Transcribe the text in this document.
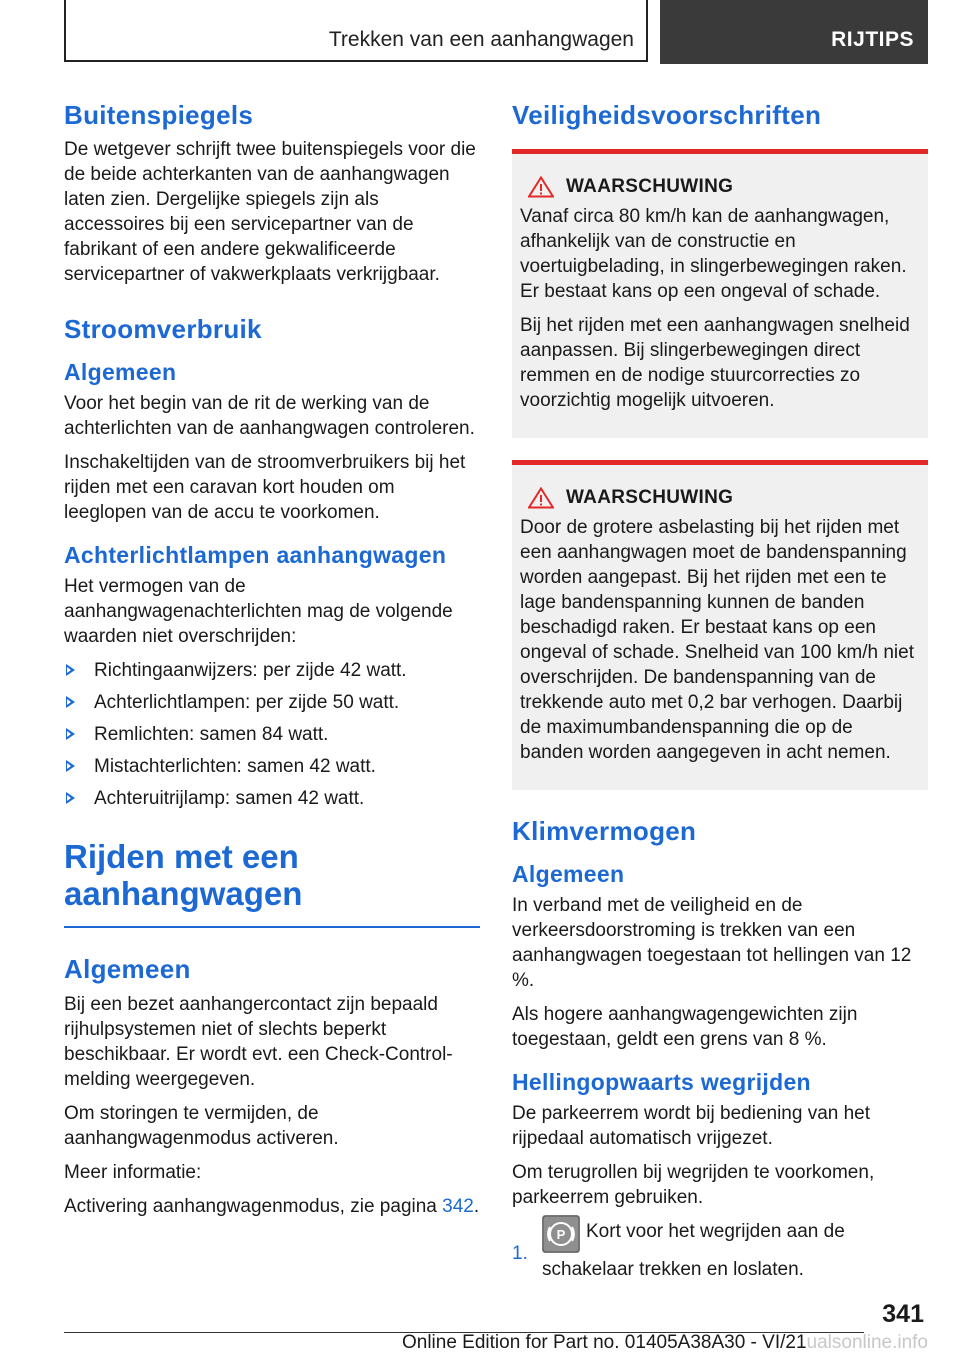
Trekken van een aanhangwagen	RIJTIPS
Buitenspiegels

De wetgever schrijft twee buitenspiegels voor die de beide achterkanten van de aanhangwagen laten zien. Dergelijke spiegels zijn als accessoires bij een servicepartner van de fabrikant of een andere gekwalificeerde servicepartner of vakwerkplaats verkrijgbaar.

Stroomverbruik
Algemeen

Voor het begin van de rit de werking van de achterlichten van de aanhangwagen controleren.

Inschakeltijden van de stroomverbruikers bij het rijden met een caravan kort houden om leeglopen van de accu te voorkomen.

Achterlichtlampen aanhangwagen

Het vermogen van de aanhangwagenachterlichten mag de volgende waarden niet overschrijden:

Richtingaanwijzers: per zijde 42 watt.
Achterlichtlampen: per zijde 50 watt.
Remlichten: samen 84 watt.
Mistachterlichten: samen 42 watt.
Achteruitrijlamp: samen 42 watt.
Rijden met een
aanhangwagen
Algemeen

Bij een bezet aanhangercontact zijn bepaald rijhulpsystemen niet of slechts beperkt beschikbaar. Er wordt evt. een Check-Control-melding weergegeven.

Om storingen te vermijden, de aanhangwagenmodus activeren.

Meer informatie:

Activering aanhangwagenmodus, zie pagina 342.

Veiligheidsvoorschriften
WAARSCHUWING

Vanaf circa 80 km/h kan de aanhangwagen, afhankelijk van de constructie en voertuigbelading, in slingerbewegingen raken. Er bestaat kans op een ongeval of schade.

Bij het rijden met een aanhangwagen snelheid aanpassen. Bij slingerbewegingen direct remmen en de nodige stuurcorrecties zo voorzichtig mogelijk uitvoeren.

WAARSCHUWING

Door de grotere asbelasting bij het rijden met een aanhangwagen moet de bandenspanning worden aangepast. Bij het rijden met een te lage bandenspanning kunnen de banden beschadigd raken. Er bestaat kans op een ongeval of schade. Snelheid van 100 km/h niet overschrijden. De bandenspanning van de trekkende auto met 0,2 bar verhogen. Daarbij de maximumbandenspanning die op de banden worden aangegeven in acht nemen.

Klimvermogen
Algemeen

In verband met de veiligheid en de verkeersdoorstroming is trekken van een aanhangwagen toegestaan tot hellingen van 12 %.

Als hogere aanhangwagengewichten zijn toegestaan, geldt een grens van 8 %.

Hellingopwaarts wegrijden

De parkeerrem wordt bij bediening van het rijpedaal automatisch vrijgezet.

Om terugrollen bij wegrijden te voorkomen, parkeerrem gebruiken.

1.
P Kort voor het wegrijden aan de schakelaar trekken en loslaten.
341
Online Edition for Part no. 01405A38A30 - VI/21ualsonline.info
